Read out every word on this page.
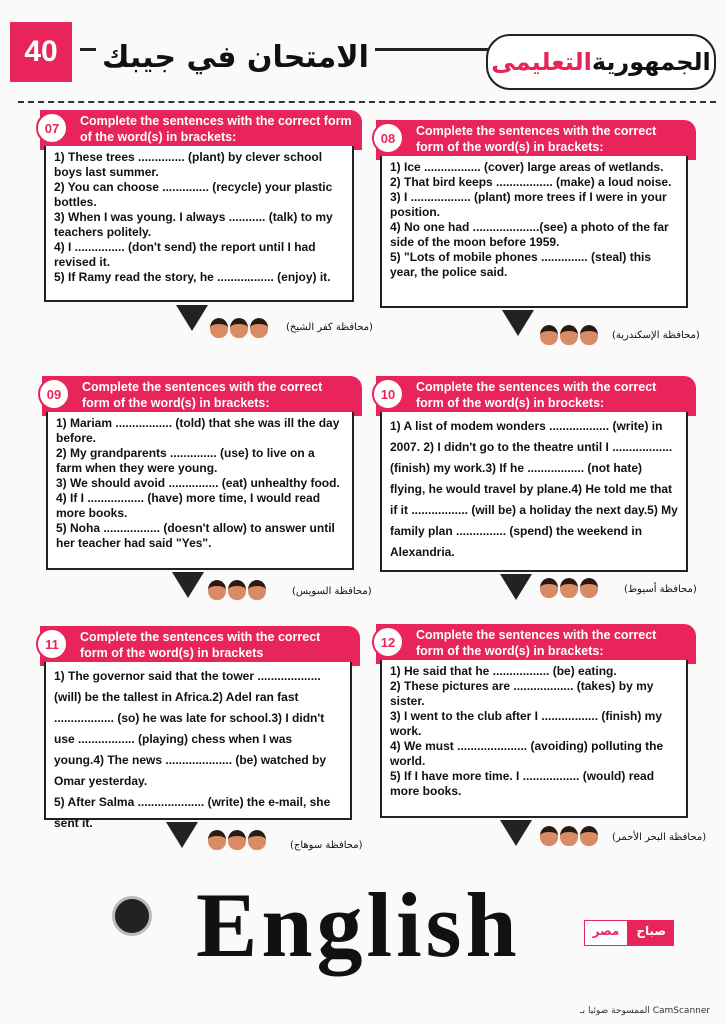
40	الامتحان في جيبك	الجمهورية
التعليمى
07	Complete the sentences with the correct form of the word(s) in brackets:

1) These trees .............. (plant) by clever school boys last summer.

2) You can choose .............. (recycle) your plastic bottles.

3) When I was young. I always ........... (talk) to my teachers politely.

4) I ............... (don't send) the report until I had revised it.

5) If Ramy read the story, he ................. (enjoy) it.

(محافظة كفر الشيخ)
08	Complete the sentences with the correct form of the word(s) in brackets:

1) Ice ................. (cover) large areas of wetlands.

2) That bird keeps ................. (make) a loud noise.

3) I .................. (plant) more trees if I were in your position.

4) No one had ....................(see) a photo of the far side of the moon before 1959.

5) "Lots of mobile phones .............. (steal) this year, the police said.

(محافظة الإسكندرية)
09	Complete the sentences with the correct form of the word(s) in brackets:

1) Mariam ................. (told) that she was ill the day before.

2) My grandparents .............. (use) to live on a farm when they were young.

3) We should avoid ............... (eat) unhealthy food.

4) If I ................. (have) more time, I would read more books.

5) Noha ................. (doesn't allow) to answer until her teacher had said "Yes".

(محافظة السويس)
10	Complete the sentences with the correct form of the word(s) in brockets:

1) A list of modem wonders .................. (write) in 2007. 2) I didn't go to the theatre until I .................. (finish) my work.3) If he ................. (not hate) flying, he would travel by plane.4) He told me that if it ................. (will be) a holiday the next day.5) My family plan ............... (spend) the weekend in Alexandria.

(محافظة أسيوط)
11	Complete the sentences with the correct form of the word(s) in brackets

1) The governor said that the tower ...................(will) be the tallest in Africa.2) Adel ran fast .................. (so) he was late for school.3) I didn't use ................. (playing) chess when I was young.4) The news .................... (be) watched by Omar yesterday.

5) After Salma .................... (write) the e-mail, she sent it.

(محافظة سوهاج)
12	Complete the sentences with the correct form of the word(s) in brackets:

1) He said that he ................. (be) eating.

2) These pictures are .................. (takes) by my sister.

3) I went to the club after I ................. (finish) my work.

4) We must ..................... (avoiding) polluting the world.

5) If I have more time. I ................. (would) read more books.

(محافظة البحر الأحمر)
English	صباح
مصر
الممسوحة ضوئيا بـ CamScanner
